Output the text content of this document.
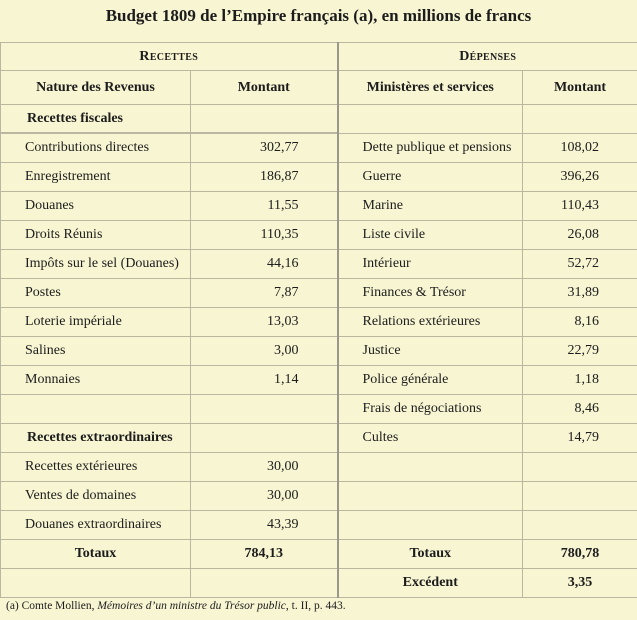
Budget 1809 de l’Empire français (a), en millions de francs
Recettes		Dépenses	
Nature des Revenus	Montant	Ministères et services	Montant
Recettes fiscales			

Contributions directes	302,77	Dette publique et pensions	108,02
Enregistrement	186,87	Guerre	396,26
Douanes	11,55	Marine	110,43
Droits Réunis	110,35	Liste civile	26,08
Impôts sur le sel (Douanes)	44,16	Intérieur	52,72
Postes	7,87	Finances & Trésor	31,89
Loterie impériale	13,03	Relations extérieures	8,16
Salines	3,00	Justice	22,79
Monnaies	1,14	Police générale	1,18
		Frais de négociations	8,46
Recettes extraordinaires		Cultes	14,79
Recettes extérieures	30,00		
Ventes de domaines	30,00		
Douanes extraordinaires	43,39		
Totaux	784,13	Totaux	780,78
		Excédent	3,35
(a) Comte Mollien, Mémoires d’un ministre du Trésor public, t. II, p. 443.
